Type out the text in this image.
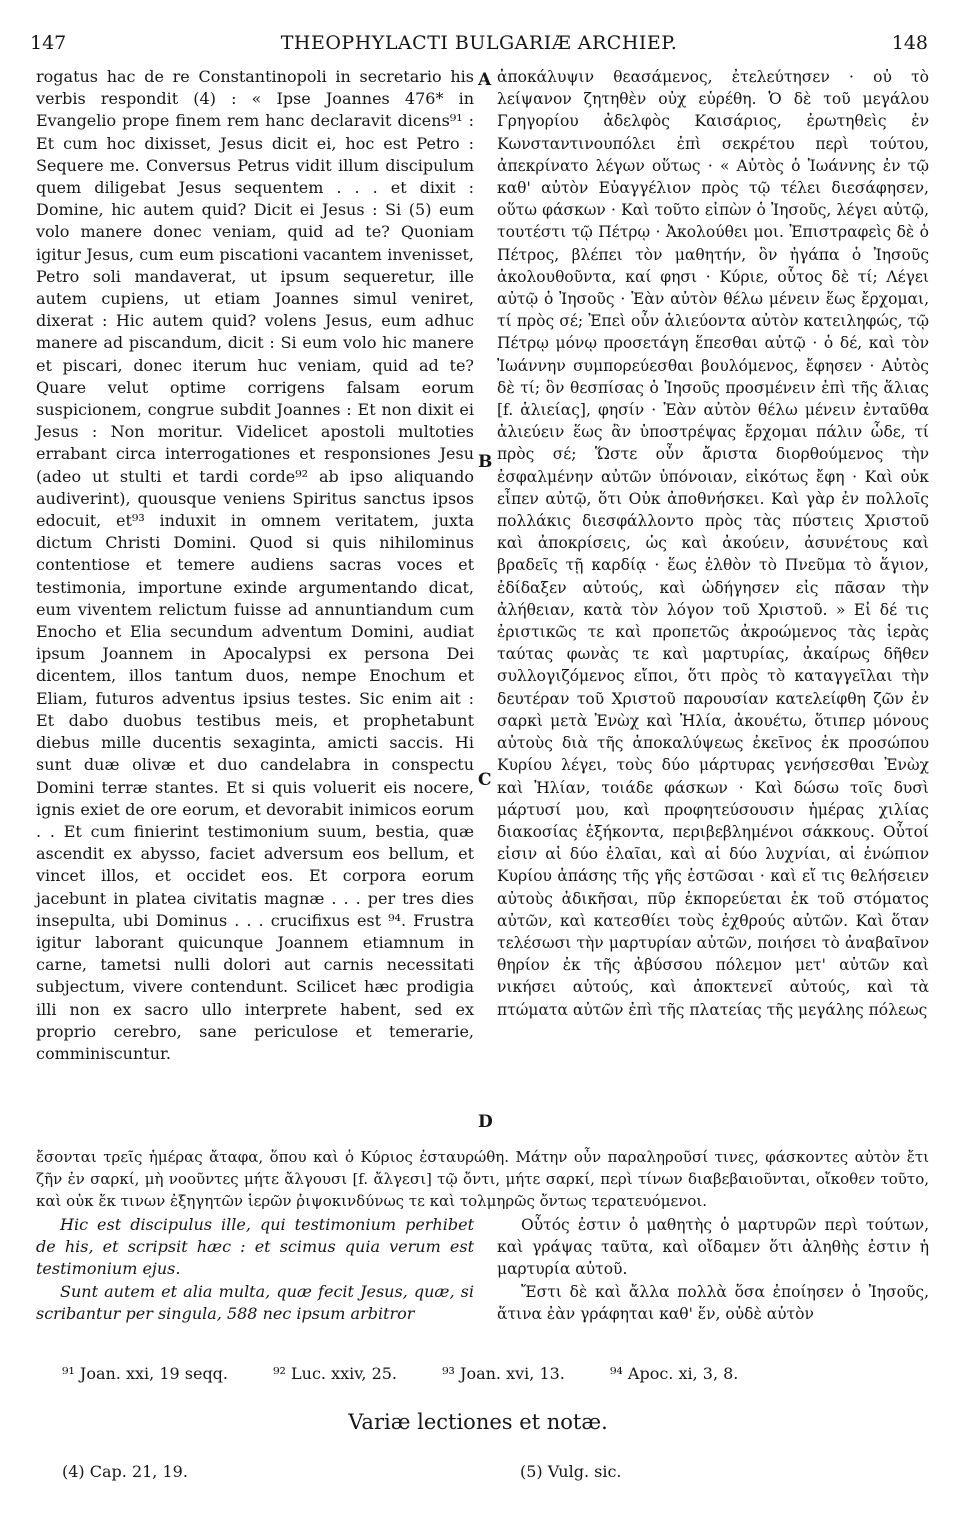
147	THEOPHYLACTI BULGARIÆ ARCHIEP.	148
A
B
C
D

rogatus hac de re Constantinopoli in secretario his verbis respondit (4) : « Ipse Joannes 476* in Evangelio prope finem rem hanc declaravit dicens⁹¹ : Et cum hoc dixisset, Jesus dicit ei, hoc est Petro : Sequere me. Conversus Petrus vidit illum discipulum quem diligebat Jesus sequentem . . . et dixit : Domine, hic autem quid? Dicit ei Jesus : Si (5) eum volo manere donec veniam, quid ad te? Quoniam igitur Jesus, cum eum piscationi vacantem invenisset, Petro soli mandaverat, ut ipsum sequeretur, ille autem cupiens, ut etiam Joannes simul veniret, dixerat : Hic autem quid? volens Jesus, eum adhuc manere ad piscandum, dicit : Si eum volo hic manere et piscari, donec iterum huc veniam, quid ad te? Quare velut optime corrigens falsam eorum suspicionem, congrue subdit Joannes : Et non dixit ei Jesus : Non moritur. Videlicet apostoli multoties errabant circa interrogationes et responsiones Jesu (adeo ut stulti et tardi corde⁹² ab ipso aliquando audiverint), quousque veniens Spiritus sanctus ipsos edocuit, et⁹³ induxit in omnem veritatem, juxta dictum Christi Domini. Quod si quis nihilominus contentiose et temere audiens sacras voces et testimonia, importune exinde argumentando dicat, eum viventem relictum fuisse ad annuntiandum cum Enocho et Elia secundum adventum Domini, audiat ipsum Joannem in Apocalypsi ex persona Dei dicentem, illos tantum duos, nempe Enochum et Eliam, futuros adventus ipsius testes. Sic enim ait : Et dabo duobus testibus meis, et prophetabunt diebus mille ducentis sexaginta, amicti saccis. Hi sunt duæ olivæ et duo candelabra in conspectu Domini terræ stantes. Et si quis voluerit eis nocere, ignis exiet de ore eorum, et devorabit inimicos eorum . . Et cum finierint testimonium suum, bestia, quæ ascendit ex abysso, faciet adversum eos bellum, et vincet illos, et occidet eos. Et corpora eorum jacebunt in platea civitatis magnæ . . . per tres dies insepulta, ubi Dominus . . . crucifixus est ⁹⁴. Frustra igitur laborant quicunque Joannem etiamnum in carne, tametsi nulli dolori aut carnis necessitati subjectum, vivere contendunt. Scilicet hæc prodigia illi non ex sacro ullo interprete habent, sed ex proprio cerebro, sane periculose et temerarie, comminiscuntur.

ἀποκάλυψιν θεασάμενος, ἐτελεύτησεν · οὐ τὸ λείψανον ζητηθὲν οὐχ εὑρέθη. Ὁ δὲ τοῦ μεγάλου Γρηγορίου ἀδελφὸς Καισάριος, ἐρωτηθεὶς ἐν Κωνσταντινουπόλει ἐπὶ σεκρέτου περὶ τούτου, ἀπεκρίνατο λέγων οὕτως · « Αὐτὸς ὁ Ἰωάννης ἐν τῷ καθ' αὐτὸν Εὐαγγέλιον πρὸς τῷ τέλει διεσάφησεν, οὕτω φάσκων · Καὶ τοῦτο εἰπὼν ὁ Ἰησοῦς, λέγει αὐτῷ, τουτέστι τῷ Πέτρῳ · Ἀκολούθει μοι. Ἐπιστραφεὶς δὲ ὁ Πέτρος, βλέπει τὸν μαθητήν, ὃν ἠγάπα ὁ Ἰησοῦς ἀκολουθοῦντα, καί φησι · Κύριε, οὗτος δὲ τί; Λέγει αὐτῷ ὁ Ἰησοῦς · Ἐὰν αὐτὸν θέλω μένειν ἕως ἔρχομαι, τί πρὸς σέ; Ἐπεὶ οὖν ἁλιεύοντα αὐτὸν κατειληφώς, τῷ Πέτρῳ μόνῳ προσετάγη ἕπεσθαι αὐτῷ · ὁ δέ, καὶ τὸν Ἰωάννην συμπορεύεσθαι βουλόμενος, ἔφησεν · Αὐτὸς δὲ τί; ὃν θεσπίσας ὁ Ἰησοῦς προσμένειν ἐπὶ τῆς ἅλιας [f. ἁλιείας], φησίν · Ἐὰν αὐτὸν θέλω μένειν ἐνταῦθα ἁλιεύειν ἕως ἂν ὑποστρέψας ἔρχομαι πάλιν ὧδε, τί πρὸς σέ; Ὥστε οὖν ἄριστα διορθούμενος τὴν ἐσφαλμένην αὐτῶν ὑπόνοιαν, εἰκότως ἔφη · Καὶ οὐκ εἶπεν αὐτῷ, ὅτι Οὐκ ἀποθνήσκει. Καὶ γὰρ ἐν πολλοῖς πολλάκις διεσφάλλοντο πρὸς τὰς πύστεις Χριστοῦ καὶ ἀποκρίσεις, ὡς καὶ ἀκούειν, ἀσυνέτους καὶ βραδεῖς τῇ καρδίᾳ · ἕως ἐλθὸν τὸ Πνεῦμα τὸ ἅγιον, ἐδίδαξεν αὐτούς, καὶ ὡδήγησεν εἰς πᾶσαν τὴν ἀλήθειαν, κατὰ τὸν λόγον τοῦ Χριστοῦ. » Εἰ δέ τις ἐριστικῶς τε καὶ προπετῶς ἀκροώμενος τὰς ἱερὰς ταύτας φωνὰς τε καὶ μαρτυρίας, ἀκαίρως δῆθεν συλλογιζόμενος εἴποι, ὅτι πρὸς τὸ καταγγεῖλαι τὴν δευτέραν τοῦ Χριστοῦ παρουσίαν κατελείφθη ζῶν ἐν σαρκὶ μετὰ Ἐνὼχ καὶ Ἠλία, ἀκουέτω, ὅτιπερ μόνους αὐτοὺς διὰ τῆς ἀποκαλύψεως ἐκεῖνος ἐκ προσώπου Κυρίου λέγει, τοὺς δύο μάρτυρας γενήσεσθαι Ἐνὼχ καὶ Ἠλίαν, τοιάδε φάσκων · Καὶ δώσω τοῖς δυσὶ μάρτυσί μου, καὶ προφητεύσουσιν ἡμέρας χιλίας διακοσίας ἑξήκοντα, περιβεβλημένοι σάκκους. Οὗτοί εἰσιν αἱ δύο ἐλαῖαι, καὶ αἱ δύο λυχνίαι, αἱ ἐνώπιον Κυρίου ἁπάσης τῆς γῆς ἑστῶσαι · καὶ εἴ τις θελήσειεν αὐτοὺς ἀδικῆσαι, πῦρ ἐκπορεύεται ἐκ τοῦ στόματος αὐτῶν, καὶ κατεσθίει τοὺς ἐχθρούς αὐτῶν. Καὶ ὅταν τελέσωσι τὴν μαρτυρίαν αὐτῶν, ποιήσει τὸ ἀναβαῖνον θηρίον ἐκ τῆς ἀβύσσου πόλεμον μετ' αὐτῶν καὶ νικήσει αὐτούς, καὶ ἀποκτενεῖ αὐτούς, καὶ τὰ πτώματα αὐτῶν ἐπὶ τῆς πλατείας τῆς μεγάλης πόλεως

ἔσονται τρεῖς ἡμέρας ἄταφα, ὅπου καὶ ὁ Κύριος ἐσταυρώθη. Μάτην οὖν παραληροῦσί τινες, φάσκοντες αὐτὸν ἔτι ζῆν ἐν σαρκί, μὴ νοοῦντες μήτε ἄλγουσι [f. ἄλγεσι] τῷ ὄντι, μήτε σαρκί, περὶ τίνων διαβεβαιοῦνται, οἴκοθεν τοῦτο, καὶ οὐκ ἔκ τινων ἐξηγητῶν ἱερῶν ῥιψοκινδύνως τε καὶ τολμηρῶς ὄντως τερατευόμενοι.

Hic est discipulus ille, qui testimonium perhibet de his, et scripsit hæc : et scimus quia verum est testimonium ejus.

Sunt autem et alia multa, quæ fecit Jesus, quæ, si scribantur per singula, 588 nec ipsum arbitror

Οὗτός ἐστιν ὁ μαθητὴς ὁ μαρτυρῶν περὶ τούτων, καὶ γράψας ταῦτα, καὶ οἴδαμεν ὅτι ἀληθὴς ἐστιν ἡ μαρτυρία αὐτοῦ.

Ἔστι δὲ καὶ ἄλλα πολλὰ ὅσα ἐποίησεν ὁ Ἰησοῦς, ἅτινα ἐὰν γράφηται καθ' ἕν, οὐδὲ αὐτὸν

⁹¹ Joan. xxi, 19 seqq.	⁹² Luc. xxiv, 25.	⁹³ Joan. xvi, 13.	⁹⁴ Apoc. xi, 3, 8.
Variæ lectiones et notæ.
(4) Cap. 21, 19.	(5) Vulg. sic.
